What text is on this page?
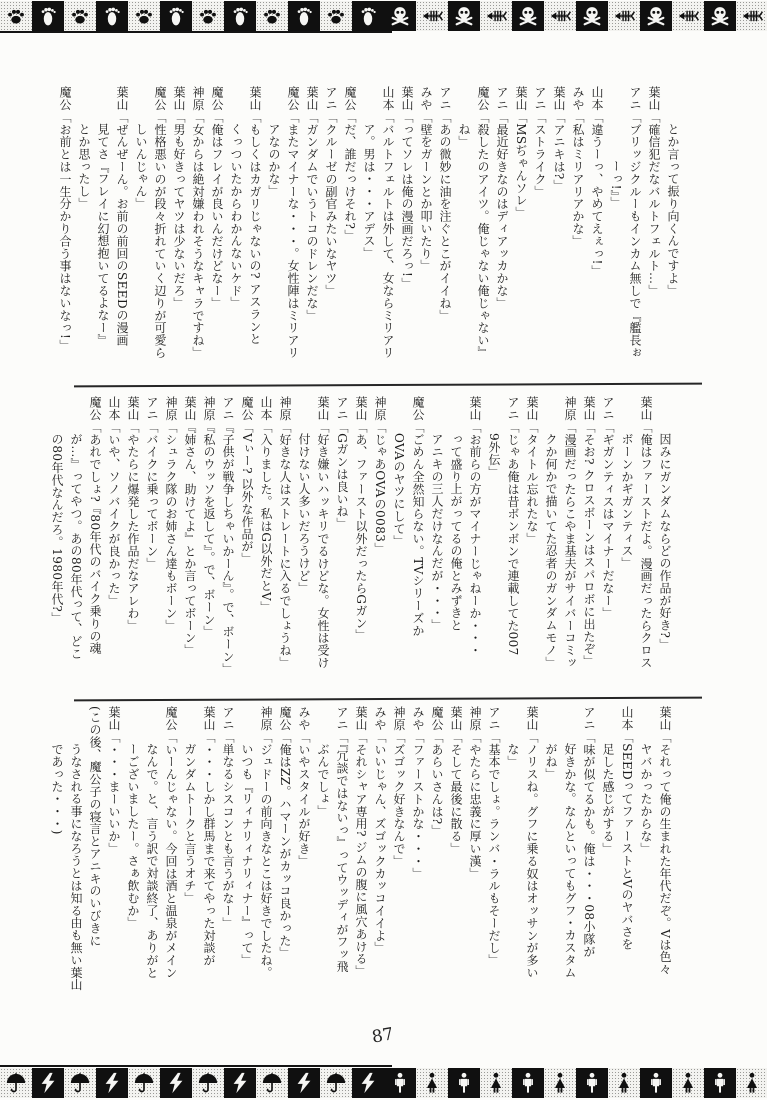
とか言って振り向くんですよ」
葉山「確信犯だなバルトフェルト…」
アニ「ブリッジクルーもインカム無しで『艦長ぉ
ーっ!』」
山本「違うーっ、やめてえぇっ!」
みや「私はミリアリアかな」
葉山「アニキは?」
アニ「ストライク」
葉山「MSぢゃんソレ」
アニ「最近好きなのはディアッカかな」
魔公「殺したのアイツ。俺じゃない俺じゃない』
ね」
アニ「あの微妙に油を注ぐとこがイイね」
みや「壁をガーンとか叩いたり」
葉山「ってソレは俺の漫画だろっ!」
山本「バルトフェルトは外して、女ならミリアリ
ア。男は・・・アデス」
魔公「だ、誰だっけそれ?」
アニ「クルーゼの副官みたいなヤツ」
葉山「ガンダムでいうトコのドレンだな」
魔公「またマイナーな・・・。女性陣はミリアリ
アなのかな」
葉山「もしくはカガリじゃないの? アスランと
くっついたからわかんないケド」
魔公「俺はフレイが良いんだけどなー」
神原「女からは絶対嫌われそうなキャラですね」
葉山「男も好きってヤツは少ないだろ」
魔公「性格悪いのが段々折れていく辺りが可愛ら
しいんじゃん」
葉山「ぜんぜーん。お前の前回のSEEDの漫画
見てさ『フレイに幻想抱いてるよなー』
とか思ったし」
魔公「お前とは一生分かり合う事はないなっ!」
因みにガンダムならどの作品が好き?」
葉山「俺はファーストだよ。漫画だったらクロス
ボーンかギガンティス」
アニ「ギガンティスはマイナーだなー」
葉山「そお? クロスボーンはスパロボに出たぞ」
神原「漫画だったらこやま基夫がサイバーコミッ
クか何かで描いてた忍者のガンダムモノ」
葉山「タイトル忘れたな」
アニ「じゃあ俺は昔ボンボンで連載してた007
9外伝」
葉山「お前らの方がマイナーじゃねーか・・・
って盛り上がってるの俺とみずきと
アニキの三人だけなんだが・・・」
魔公「ごめん全然知らない。TVシリーズか
OVAのヤツにして」
神原「じゃあOVAの0083」
葉山「あ、ファースト以外だったらGガン」
アニ「Gガンは良いね」
葉山「好き嫌いハッキリでるけどな。女性は受け
付けない人多いだろうけど」
神原「好きな人はストレートに入るでしょうね」
山本「入りました。私はG以外だとV」
魔公「Vぃー? 以外な作品が」
アニ『子供が戦争しちゃいかーん』。で、ボーン」
神原『私のウッソを返して』。で、ボーン」
葉山『姉さん、助けてよ』とか言ってボーン」
神原「シュラク隊のお姉さん達もボーン」
アニ「バイクに乗ってボーン」
葉山「やたらに爆発した作品だなアレわ」
山本「いや、ソノバイクが良かった」
魔公「あれでしょ?『80年代のバイク乗りの魂
が…』ってやつ。あの80年代って、どこ
の80年代なんだろ。1980年代?」
葉山「それって俺の生まれた年代だぞ。Vは色々
ヤバかったからな」
山本「SEEDってファーストとVのヤバさを
足した感じがする」
アニ「味が似てるかも。俺は・・・08小隊が
好きかな。なんといってもグフ・カスタム
がね」
葉山「ノリスね。グフに乗る奴はオッサンが多い
な」
アニ「基本でしょ。ランバ・ラルもそーだし」
神原「やたらに忠義に厚い漢」
葉山「そして最後に散る」
魔公「あらいさんは?」
みや「ファーストかな・・・」
神原「ズゴック好きなんで」
みや「いいじゃん、ズゴックカッコイイよ」
葉山「それシャア専用? ジムの腹に風穴あける」
アニ「『冗談ではないっ』ってウッディがフッ飛
ぶんでしょ」
みや「いやスタイルが好き」
魔公「俺はZZ。ハマーンがカッコ良かった」
神原「ジュドーの前向きなとこは好きでしたね。
いつも『リィナリィナリィナー』って」
アニ「単なるシスコンとも言うがなー」
葉山「・・・しかし群馬まで来てやった対談が
ガンダムトークと言うオチ」
魔公「いーんじゃない。今回は酒と温泉がメイン
なんで。と、言う訳で対談終了、ありがと
ーございましたー。さぁ飲むか」
葉山「・・・まーいいか」
(この後、魔公子の寝言とアニキのいびきに
うなされる事になろうとは知る由も無い葉山
であった・・・)
87
